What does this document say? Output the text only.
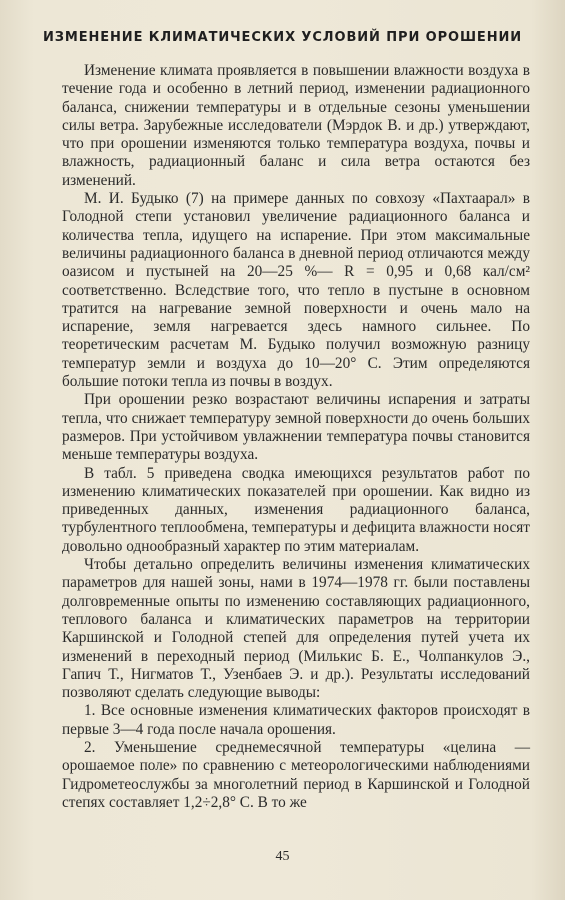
ИЗМЕНЕНИЕ КЛИМАТИЧЕСКИХ УСЛОВИЙ ПРИ ОРОШЕНИИ

Изменение климата проявляется в повышении влажности воздуха в течение года и особенно в летний период, изменении радиационного баланса, снижении температуры и в отдельные сезоны уменьшении силы ветра. Зарубежные исследователи (Мэрдок В. и др.) утверждают, что при орошении изменяются только температура воздуха, почвы и влажность, радиационный баланс и сила ветра остаются без изменений.

М. И. Будыко (7) на примере данных по совхозу «Пахтаарал» в Голодной степи установил увеличение радиационного баланса и количества тепла, идущего на испарение. При этом максимальные величины радиационного баланса в дневной период отличаются между оазисом и пустыней на 20—25 %— R = 0,95 и 0,68 кал/см² соответственно. Вследствие того, что тепло в пустыне в основном тратится на нагревание земной поверхности и очень мало на испарение, земля нагревается здесь намного сильнее. По теоретическим расчетам М. Будыко получил возможную разницу температур земли и воздуха до 10—20° С. Этим определяются большие потоки тепла из почвы в воздух.

При орошении резко возрастают величины испарения и затраты тепла, что снижает температуру земной поверхности до очень больших размеров. При устойчивом увлажнении температура почвы становится меньше температуры воздуха.

В табл. 5 приведена сводка имеющихся результатов работ по изменению климатических показателей при орошении. Как видно из приведенных данных, изменения радиационного баланса, турбулентного теплообмена, температуры и дефицита влажности носят довольно однообразный характер по этим материалам.

Чтобы детально определить величины изменения климатических параметров для нашей зоны, нами в 1974—1978 гг. были поставлены долговременные опыты по изменению составляющих радиационного, теплового баланса и климатических параметров на территории Каршинской и Голодной степей для определения путей учета их изменений в переходный период (Милькис Б. Е., Чолпанкулов Э., Гапич Т., Нигматов Т., Узенбаев Э. и др.). Результаты исследований позволяют сделать следующие выводы:

1. Все основные изменения климатических факторов происходят в первые 3—4 года после начала орошения.

2. Уменьшение среднемесячной температуры «целина — орошаемое поле» по сравнению с метеорологическими наблюдениями Гидрометеослужбы за многолетний период в Каршинской и Голодной степях составляет 1,2÷2,8° С. В то же

45
